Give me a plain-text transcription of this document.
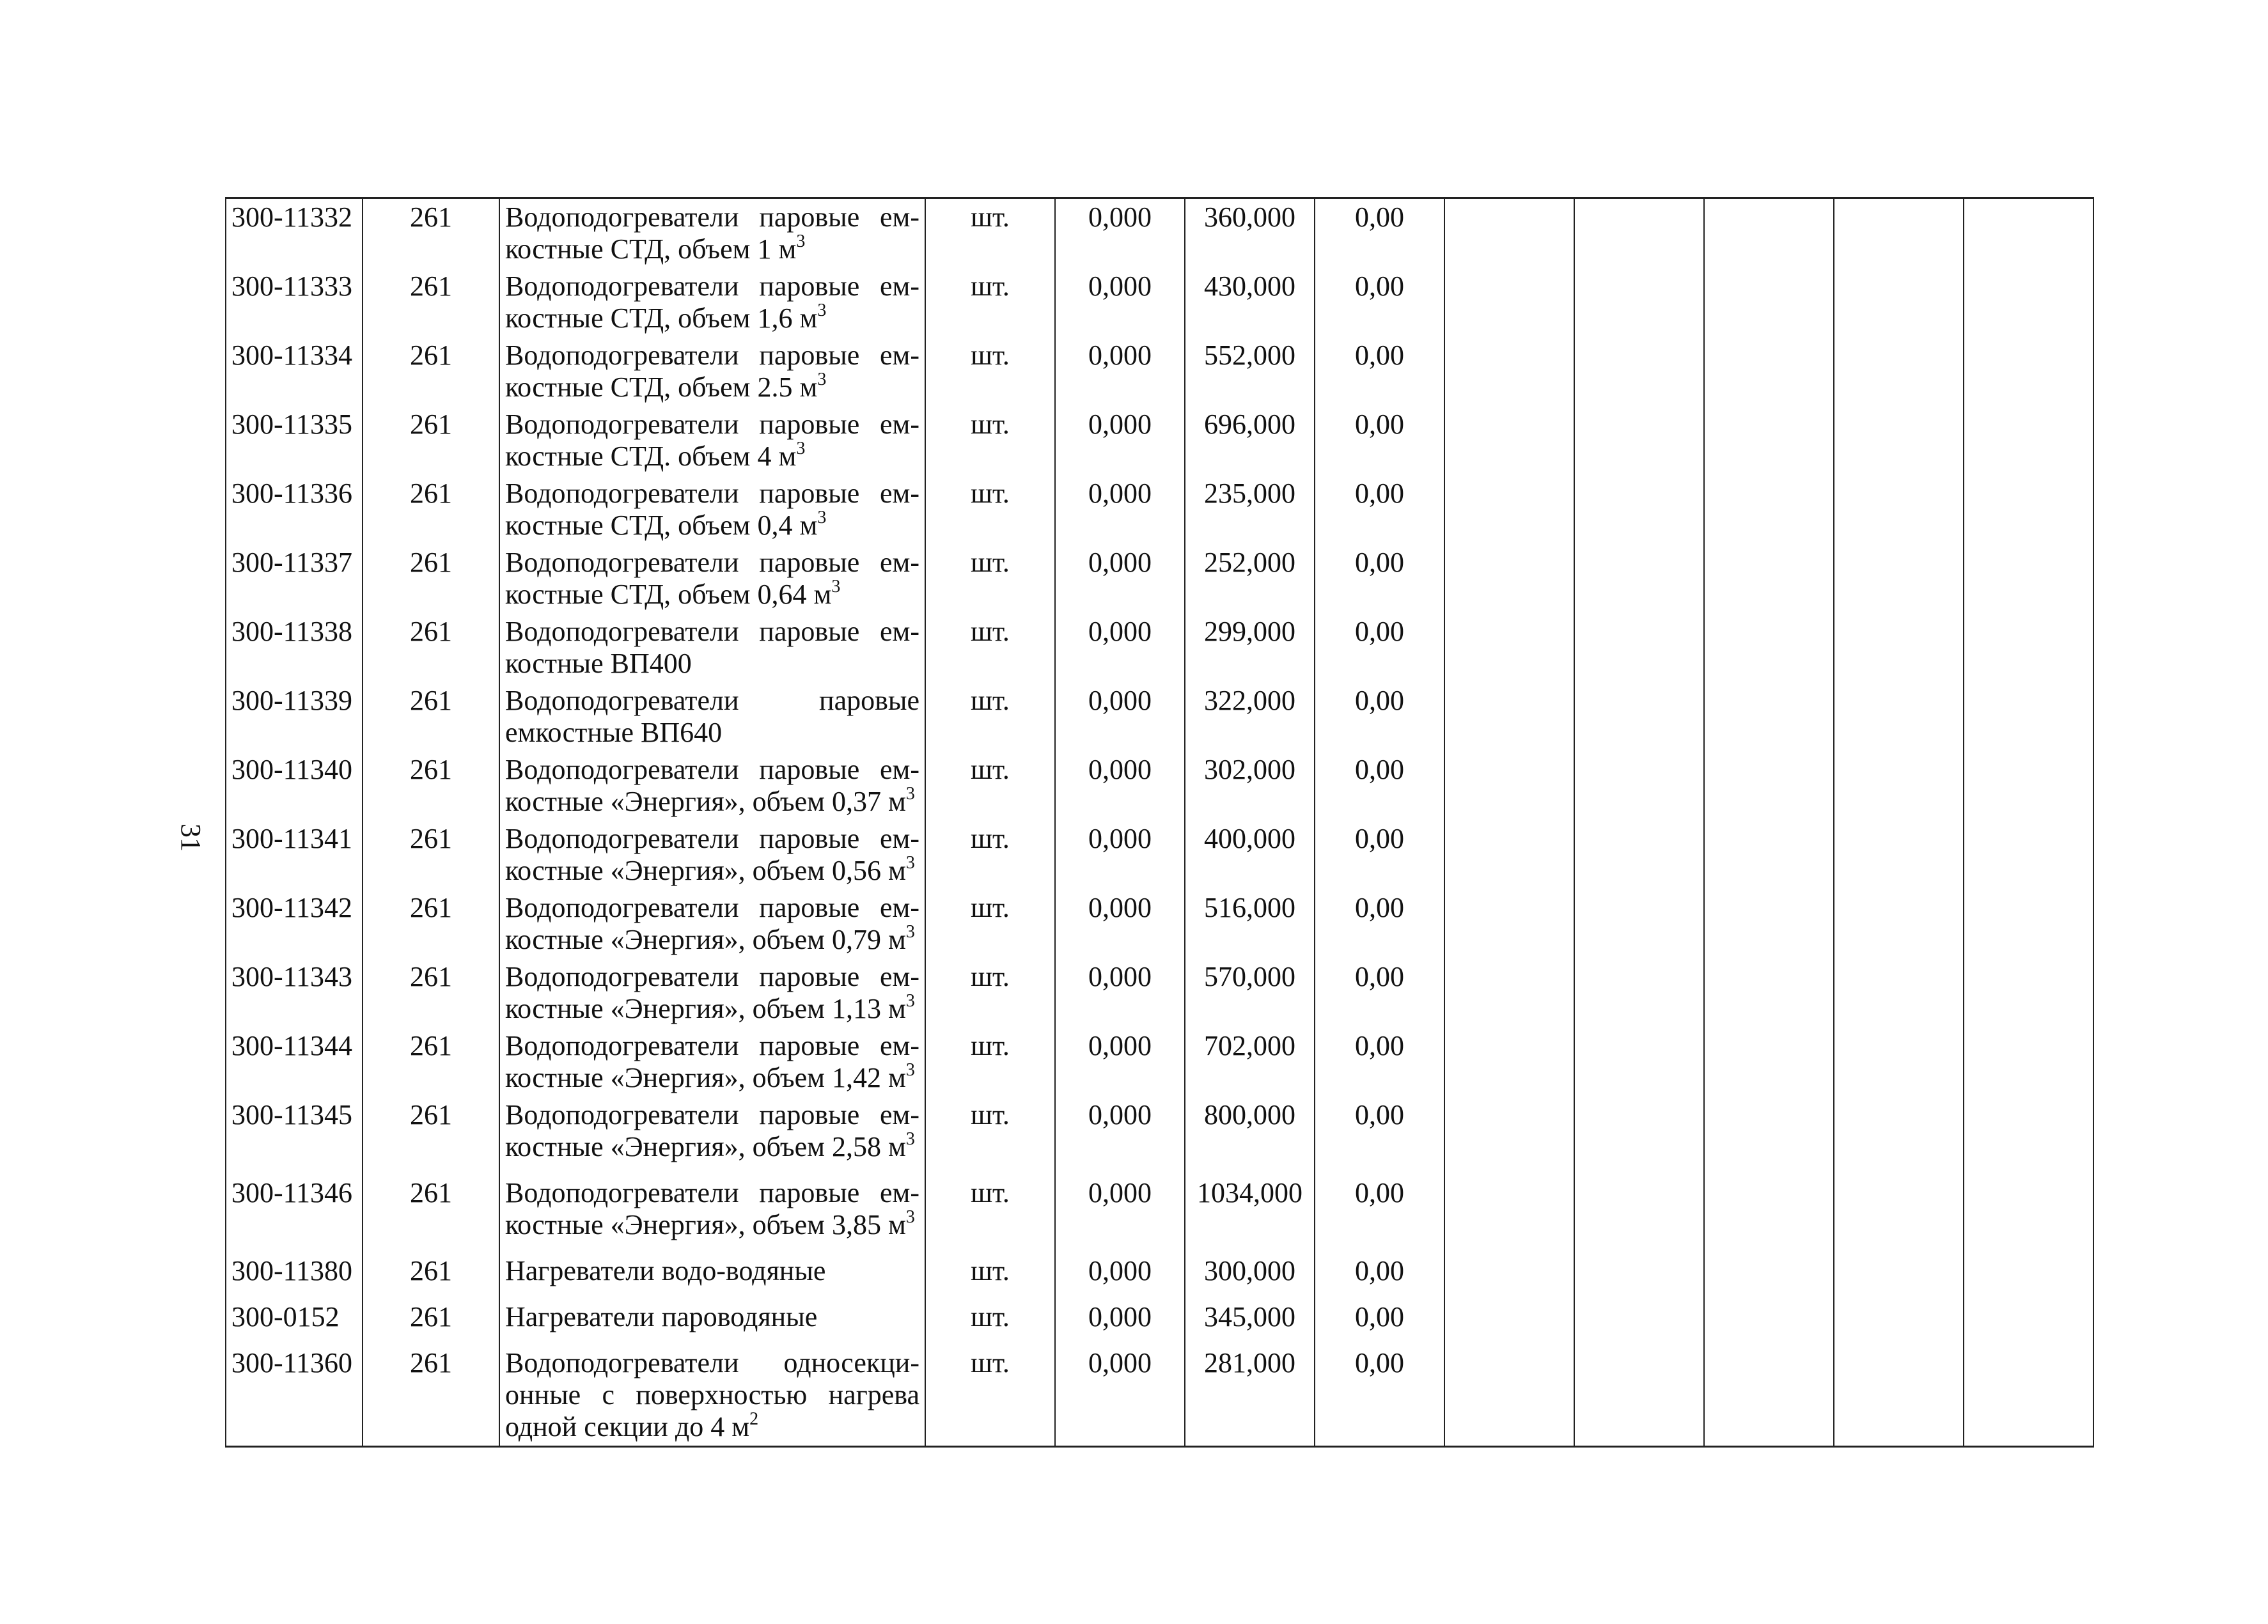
31
300-11332	261	Водоподогреватели паровые ем-костные СТД, объем 1 $м^3$	шт.	0,000	360,000	0,00					
300-11333	261	Водоподогреватели паровые ем-костные СТД, объем 1,6 $м^3$	шт.	0,000	430,000	0,00					
300-11334	261	Водоподогреватели паровые ем-костные СТД, объем 2.5 $м^3$	шт.	0,000	552,000	0,00					
300-11335	261	Водоподогреватели паровые ем-костные СТД. объем 4 $м^3$	шт.	0,000	696,000	0,00					
300-11336	261	Водоподогреватели паровые ем-костные СТД, объем 0,4 $м^3$	шт.	0,000	235,000	0,00					
300-11337	261	Водоподогреватели паровые ем-костные СТД, объем 0,64 $м^3$	шт.	0,000	252,000	0,00					
300-11338	261	Водоподогреватели паровые ем-костные ВП400	шт.	0,000	299,000	0,00					
300-11339	261	Водоподогреватели паровые емкостные ВП640	шт.	0,000	322,000	0,00					
300-11340	261	Водоподогреватели паровые ем-костные «Энергия», объем 0,37 $м^3$	шт.	0,000	302,000	0,00					
300-11341	261	Водоподогреватели паровые ем-костные «Энергия», объем 0,56 $м^3$	шт.	0,000	400,000	0,00					
300-11342	261	Водоподогреватели паровые ем-костные «Энергия», объем 0,79 $м^3$	шт.	0,000	516,000	0,00					
300-11343	261	Водоподогреватели паровые ем-костные «Энергия», объем 1,13 $м^3$	шт.	0,000	570,000	0,00					
300-11344	261	Водоподогреватели паровые ем-костные «Энергия», объем 1,42 $м^3$	шт.	0,000	702,000	0,00					
300-11345	261	Водоподогреватели паровые ем-костные «Энергия», объем 2,58 $м^3$	шт.	0,000	800,000	0,00					
300-11346	261	Водоподогреватели паровые ем-костные «Энергия», объем 3,85 $м^3$	шт.	0,000	1034,000	0,00					
300-11380	261	Нагреватели водо-водяные	шт.	0,000	300,000	0,00					
300-0152	261	Нагреватели пароводяные	шт.	0,000	345,000	0,00					
300-11360	261	Водоподогреватели односекци-онные с поверхностью нагрева одной секции до 4 $м^2$	шт.	0,000	281,000	0,00					
